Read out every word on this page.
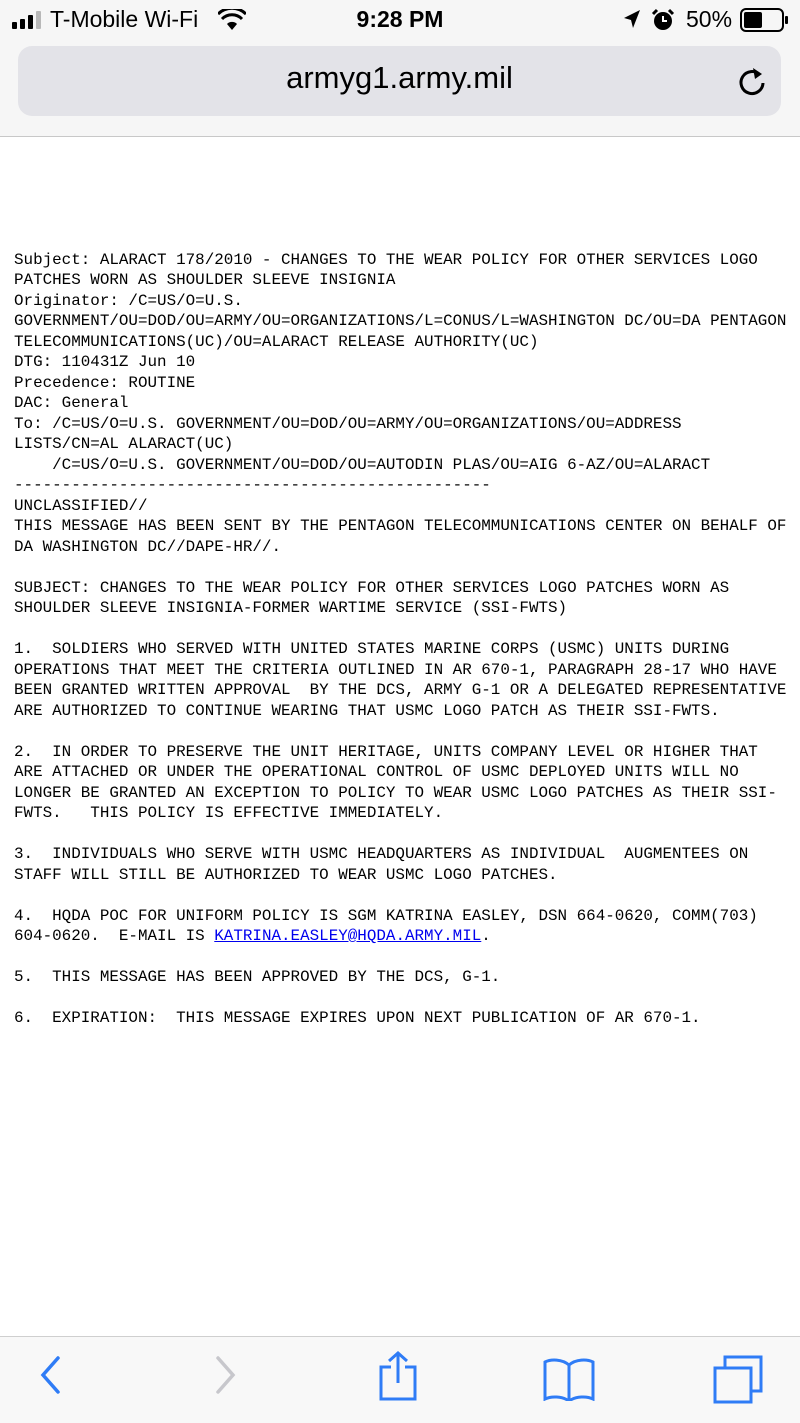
T-Mobile Wi-Fi	9:28 PM	50%
armyg1.army.mil

Subject: ALARACT 178/2010 - CHANGES TO THE WEAR POLICY FOR OTHER SERVICES LOGO
PATCHES WORN AS SHOULDER SLEEVE INSIGNIA
Originator: /C=US/O=U.S.
GOVERNMENT/OU=DOD/OU=ARMY/OU=ORGANIZATIONS/L=CONUS/L=WASHINGTON DC/OU=DA PENTAGON
TELECOMMUNICATIONS(UC)/OU=ALARACT RELEASE AUTHORITY(UC)
DTG: 110431Z Jun 10
Precedence: ROUTINE
DAC: General
To: /C=US/O=U.S. GOVERNMENT/OU=DOD/OU=ARMY/OU=ORGANIZATIONS/OU=ADDRESS
LISTS/CN=AL ALARACT(UC)
/C=US/O=U.S. GOVERNMENT/OU=DOD/OU=AUTODIN PLAS/OU=AIG 6-AZ/OU=ALARACT
--------------------------------------------------
UNCLASSIFIED//
THIS MESSAGE HAS BEEN SENT BY THE PENTAGON TELECOMMUNICATIONS CENTER ON BEHALF OF
DA WASHINGTON DC//DAPE-HR//.

SUBJECT: CHANGES TO THE WEAR POLICY FOR OTHER SERVICES LOGO PATCHES WORN AS
SHOULDER SLEEVE INSIGNIA-FORMER WARTIME SERVICE (SSI-FWTS)

1.  SOLDIERS WHO SERVED WITH UNITED STATES MARINE CORPS (USMC) UNITS DURING
OPERATIONS THAT MEET THE CRITERIA OUTLINED IN AR 670-1, PARAGRAPH 28-17 WHO HAVE
BEEN GRANTED WRITTEN APPROVAL  BY THE DCS, ARMY G-1 OR A DELEGATED REPRESENTATIVE
ARE AUTHORIZED TO CONTINUE WEARING THAT USMC LOGO PATCH AS THEIR SSI-FWTS.

2.  IN ORDER TO PRESERVE THE UNIT HERITAGE, UNITS COMPANY LEVEL OR HIGHER THAT
ARE ATTACHED OR UNDER THE OPERATIONAL CONTROL OF USMC DEPLOYED UNITS WILL NO
LONGER BE GRANTED AN EXCEPTION TO POLICY TO WEAR USMC LOGO PATCHES AS THEIR SSI-
FWTS.   THIS POLICY IS EFFECTIVE IMMEDIATELY.

3.  INDIVIDUALS WHO SERVE WITH USMC HEADQUARTERS AS INDIVIDUAL  AUGMENTEES ON
STAFF WILL STILL BE AUTHORIZED TO WEAR USMC LOGO PATCHES.

4.  HQDA POC FOR UNIFORM POLICY IS SGM KATRINA EASLEY, DSN 664-0620, COMM(703)
604-0620.  E-MAIL IS KATRINA.EASLEY@HQDA.ARMY.MIL.

5.  THIS MESSAGE HAS BEEN APPROVED BY THE DCS, G-1.

6.  EXPIRATION:  THIS MESSAGE EXPIRES UPON NEXT PUBLICATION OF AR 670-1.
